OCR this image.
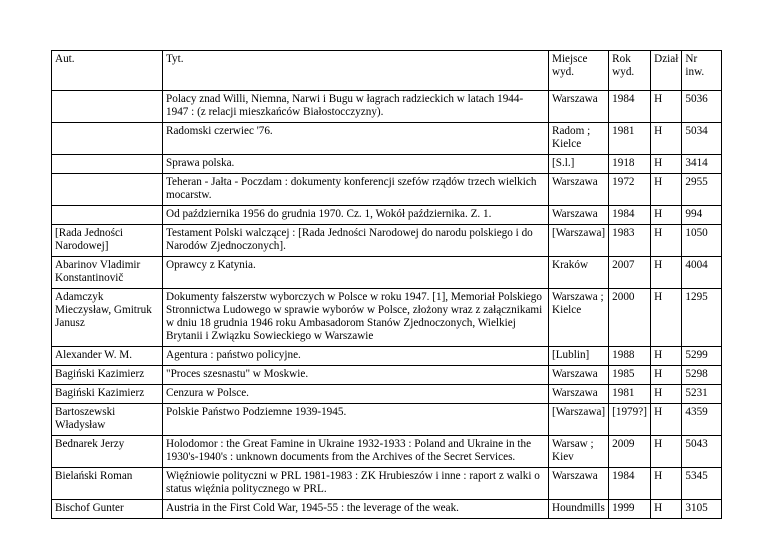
Aut.	Tyt.	Miejsce wyd.	Rok wyd.	Dział	Nr inw.
	Polacy znad Willi, Niemna, Narwi i Bugu w łagrach radzieckich w latach 1944-1947 : (z relacji mieszkańców Białostocczyzny).	Warszawa	1984	H	5036
	Radomski czerwiec '76.	Radom ; Kielce	1981	H	5034
	Sprawa polska.	[S.l.]	1918	H	3414
	Teheran - Jałta - Poczdam : dokumenty konferencji szefów rządów trzech wielkich mocarstw.	Warszawa	1972	H	2955
	Od października 1956 do grudnia 1970. Cz. 1, Wokół października. Z. 1.	Warszawa	1984	H	994
[Rada Jedności Narodowej]	Testament Polski walczącej : [Rada Jedności Narodowej do narodu polskiego i do Narodów Zjednoczonych].	[Warszawa]	1983	H	1050
Abarinov Vladimir Konstantinovič	Oprawcy z Katynia.	Kraków	2007	H	4004
Adamczyk Mieczysław, Gmitruk Janusz	Dokumenty fałszerstw wyborczych w Polsce w roku 1947. [1], Memoriał Polskiego Stronnictwa Ludowego w sprawie wyborów w Polsce, złożony wraz z załącznikami w dniu 18 grudnia 1946 roku Ambasadorom Stanów Zjednoczonych, Wielkiej Brytanii i Związku Sowieckiego w Warszawie	Warszawa ; Kielce	2000	H	1295
Alexander W. M.	Agentura : państwo policyjne.	[Lublin]	1988	H	5299
Bagiński Kazimierz	"Proces szesnastu" w Moskwie.	Warszawa	1985	H	5298
Bagiński Kazimierz	Cenzura w Polsce.	Warszawa	1981	H	5231
Bartoszewski Władysław	Polskie Państwo Podziemne 1939-1945.	[Warszawa]	[1979?]	H	4359
Bednarek Jerzy	Holodomor : the Great Famine in Ukraine 1932-1933 : Poland and Ukraine in the 1930's-1940's : unknown documents from the Archives of the Secret Services.	Warsaw ; Kiev	2009	H	5043
Bielański Roman	Więźniowie polityczni w PRL 1981-1983 : ZK Hrubieszów i inne : raport z walki o status więźnia politycznego w PRL.	Warszawa	1984	H	5345
Bischof Gunter	Austria in the First Cold War, 1945-55 : the leverage of the weak.	Houndmills	1999	H	3105
